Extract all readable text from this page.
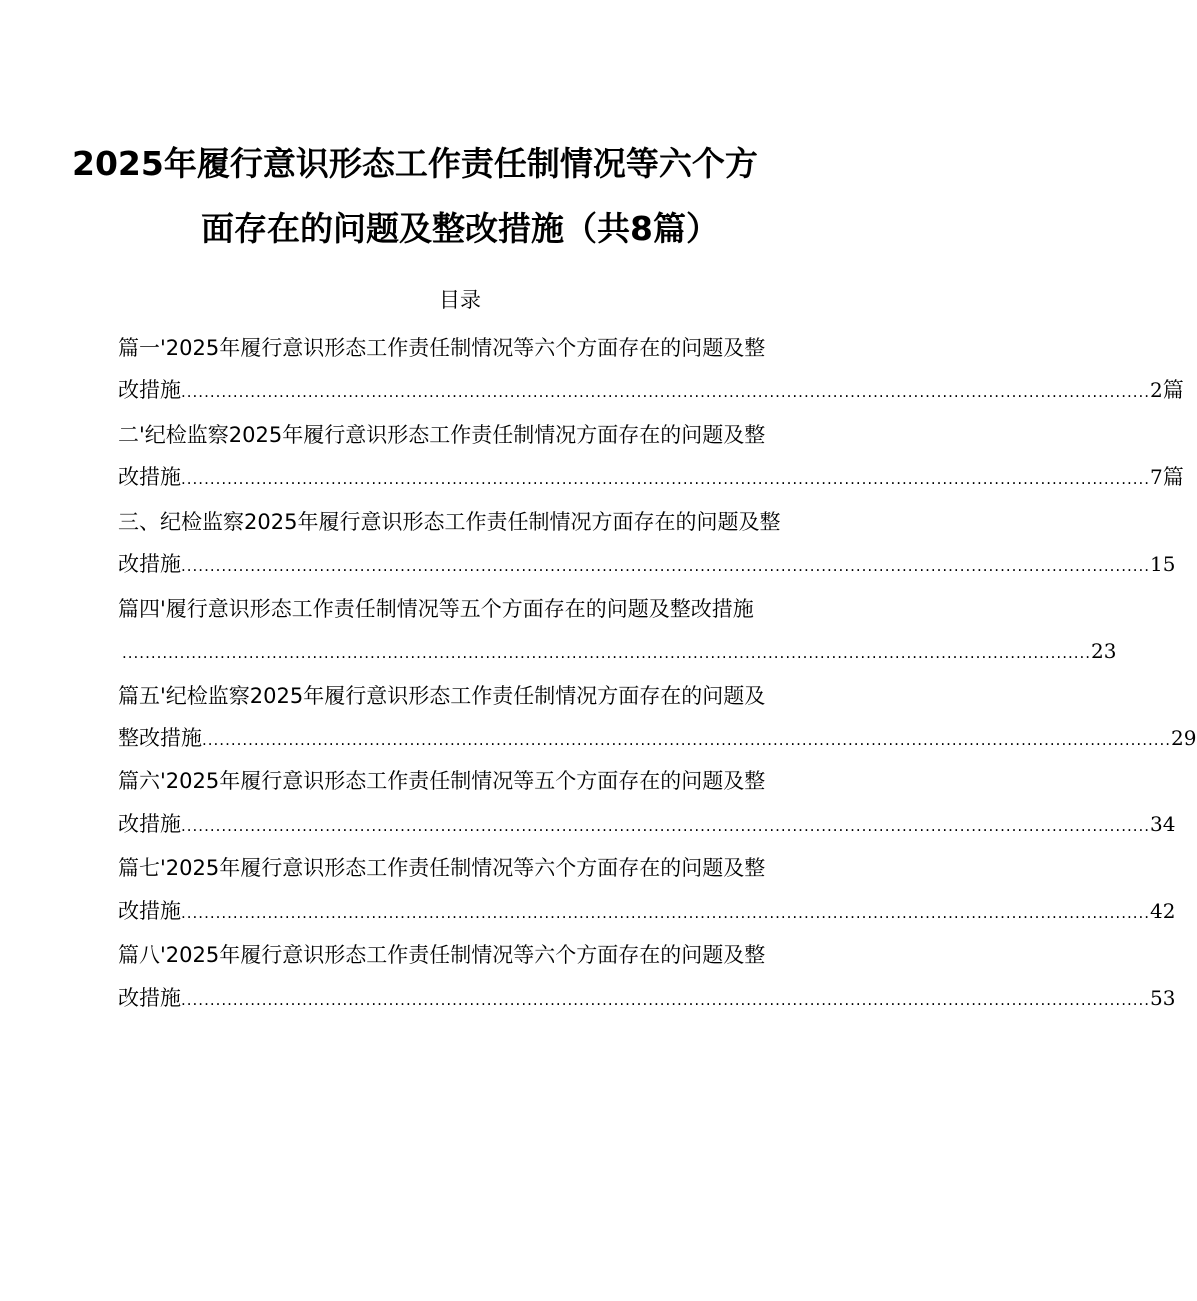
2025年履行意识形态工作责任制情况等六个方
面存在的问题及整改措施（共8篇）
目录
篇一'2025年履行意识形态工作责任制情况等六个方面存在的问题及整
改措施 ........................................................................................................................................................................ 2 篇
二'纪检监察2025年履行意识形态工作责任制情况方面存在的问题及整
改措施 ........................................................................................................................................................................ 7 篇
三、纪检监察2025年履行意识形态工作责任制情况方面存在的问题及整
改措施 ........................................................................................................................................................................ 15
篇四'履行意识形态工作责任制情况等五个方面存在的问题及整改措施
........................................................................................................................................................................ 23
篇五'纪检监察2025年履行意识形态工作责任制情况方面存在的问题及
整改措施 ........................................................................................................................................................................ 29
篇六'2025年履行意识形态工作责任制情况等五个方面存在的问题及整
改措施 ........................................................................................................................................................................ 34
篇七'2025年履行意识形态工作责任制情况等六个方面存在的问题及整
改措施 ........................................................................................................................................................................ 42
篇八'2025年履行意识形态工作责任制情况等六个方面存在的问题及整
改措施 ........................................................................................................................................................................ 53
